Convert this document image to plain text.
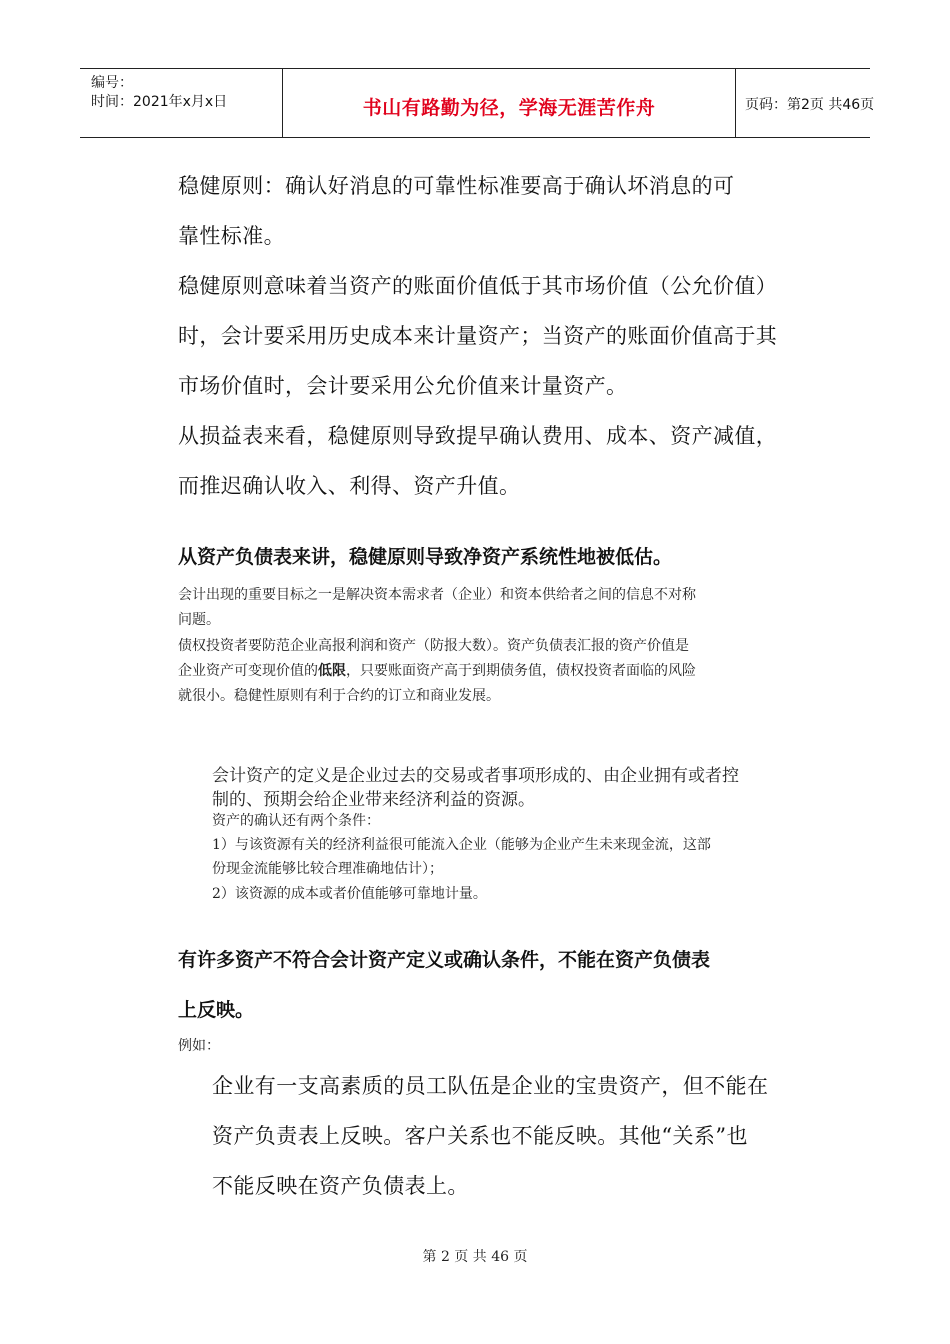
编号：
时间：2021年x月x日	书山有路勤为径，学海无涯苦作舟	页码：第2页 共46页
稳健原则：确认好消息的可靠性标准要高于确认坏消息的可
靠性标准。
稳健原则意味着当资产的账面价值低于其市场价值（公允价值）
时，会计要采用历史成本来计量资产；当资产的账面价值高于其
市场价值时，会计要采用公允价值来计量资产。
从损益表来看，稳健原则导致提早确认费用、成本、资产减值，
而推迟确认收入、利得、资产升值。
从资产负债表来讲，稳健原则导致净资产系统性地被低估。
会计出现的重要目标之一是解决资本需求者（企业）和资本供给者之间的信息不对称
问题。
债权投资者要防范企业高报利润和资产（防报大数）。资产负债表汇报的资产价值是
企业资产可变现价值的低限，只要账面资产高于到期债务值，债权投资者面临的风险
就很小。稳健性原则有利于合约的订立和商业发展。
会计资产的定义是企业过去的交易或者事项形成的、由企业拥有或者控
制的、预期会给企业带来经济利益的资源。
资产的确认还有两个条件：
1）与该资源有关的经济利益很可能流入企业（能够为企业产生未来现金流，这部
份现金流能够比较合理准确地估计）；
2）该资源的成本或者价值能够可靠地计量。
有许多资产不符合会计资产定义或确认条件，不能在资产负债表
上反映。
例如：
企业有一支高素质的员工队伍是企业的宝贵资产，但不能在
资产负责表上反映。客户关系也不能反映。其他“关系”也
不能反映在资产负债表上。
第 2 页 共 46 页
